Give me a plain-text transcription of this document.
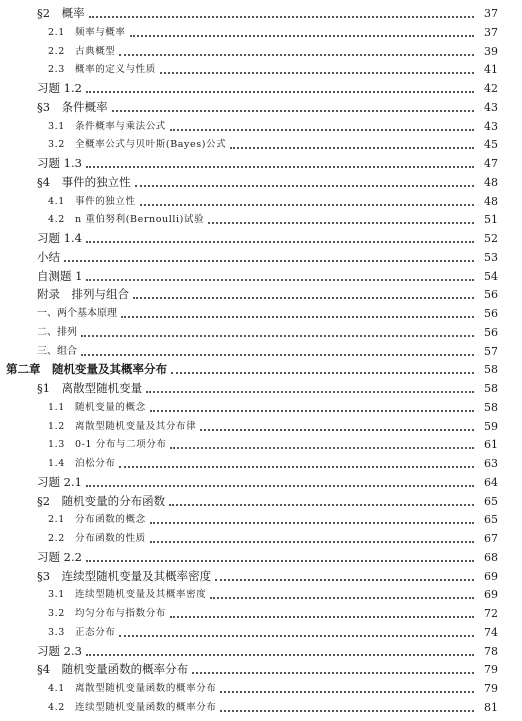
§2　概率	37
2.1　频率与概率	37
2.2　古典概型	39
2.3　概率的定义与性质	41
习题 1.2	42
§3　条件概率	43
3.1　条件概率与乘法公式	43
3.2　全概率公式与贝叶斯(Bayes)公式	45
习题 1.3	47
§4　事件的独立性	48
4.1　事件的独立性	48
4.2　n 重伯努利(Bernoulli)试验	51
习题 1.4	52
小结	53
自测题 1	54
附录　排列与组合	56
一、两个基本原理	56
二、排列	56
三、组合	57
第二章　随机变量及其概率分布	58
§1　离散型随机变量	58
1.1　随机变量的概念	58
1.2　离散型随机变量及其分布律	59
1.3　0-1 分布与二项分布	61
1.4　泊松分布	63
习题 2.1	64
§2　随机变量的分布函数	65
2.1　分布函数的概念	65
2.2　分布函数的性质	67
习题 2.2	68
§3　连续型随机变量及其概率密度	69
3.1　连续型随机变量及其概率密度	69
3.2　均匀分布与指数分布	72
3.3　正态分布	74
习题 2.3	78
§4　随机变量函数的概率分布	79
4.1　离散型随机变量函数的概率分布	79
4.2　连续型随机变量函数的概率分布	81
